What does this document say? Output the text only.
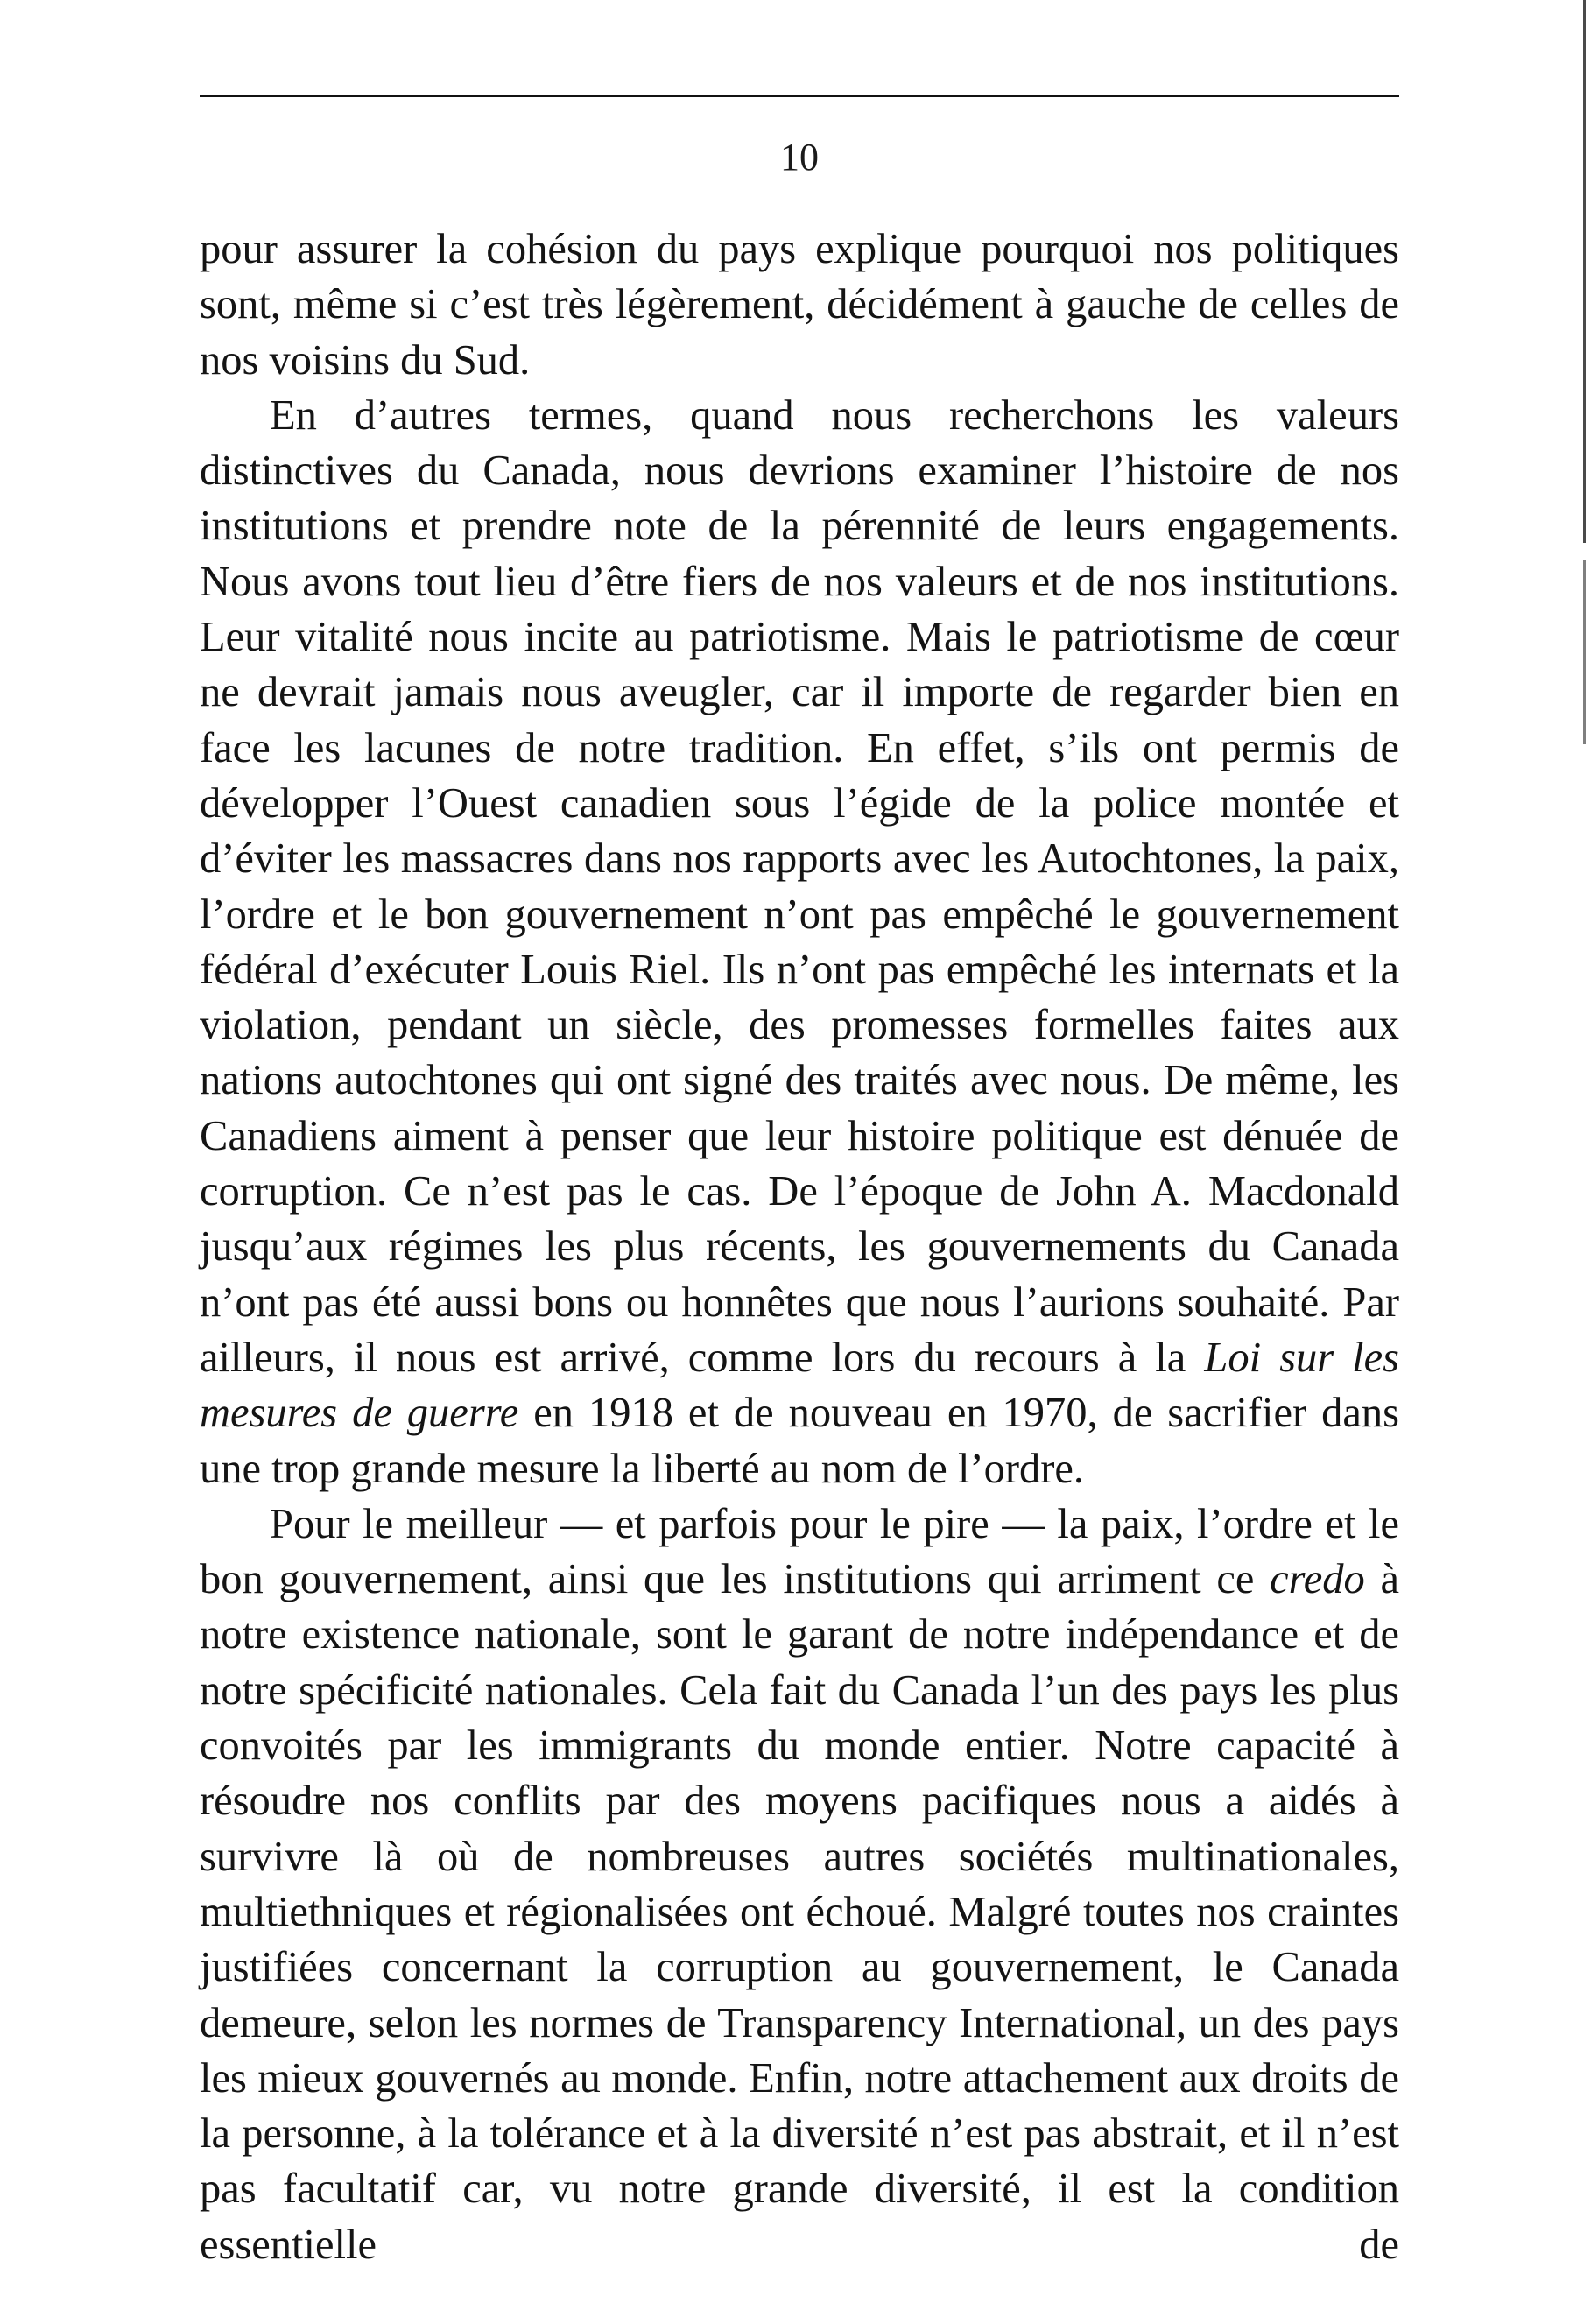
10

pour assurer la cohésion du pays explique pourquoi nos politiques sont, même si c’est très légèrement, décidément à gauche de celles de nos voisins du Sud.

En d’autres termes, quand nous recherchons les valeurs distinctives du Canada, nous devrions examiner l’histoire de nos institutions et prendre note de la pérennité de leurs engagements. Nous avons tout lieu d’être fiers de nos valeurs et de nos institutions. Leur vitalité nous incite au patriotisme. Mais le patriotisme de cœur ne devrait jamais nous aveugler, car il importe de regarder bien en face les lacunes de notre tradition. En effet, s’ils ont permis de développer l’Ouest canadien sous l’égide de la police montée et d’éviter les massacres dans nos rapports avec les Autochtones, la paix, l’ordre et le bon gouvernement n’ont pas empêché le gouvernement fédéral d’exécuter Louis Riel. Ils n’ont pas empêché les internats et la violation, pendant un siècle, des promesses formelles faites aux nations autochtones qui ont signé des traités avec nous. De même, les Canadiens aiment à penser que leur histoire politique est dénuée de corruption. Ce n’est pas le cas. De l’époque de John A. Macdonald jusqu’aux régimes les plus récents, les gouvernements du Canada n’ont pas été aussi bons ou honnêtes que nous l’aurions souhaité. Par ailleurs, il nous est arrivé, comme lors du recours à la Loi sur les mesures de guerre en 1918 et de nouveau en 1970, de sacrifier dans une trop grande mesure la liberté au nom de l’ordre.

Pour le meilleur — et parfois pour le pire — la paix, l’ordre et le bon gouvernement, ainsi que les institutions qui arriment ce credo à notre existence nationale, sont le garant de notre indépendance et de notre spécificité nationales. Cela fait du Canada l’un des pays les plus convoités par les immigrants du monde entier. Notre capacité à résoudre nos conflits par des moyens pacifiques nous a aidés à survivre là où de nombreuses autres sociétés multinationales, multiethniques et régionalisées ont échoué. Malgré toutes nos craintes justifiées concernant la corruption au gouvernement, le Canada demeure, selon les normes de Transparency International, un des pays les mieux gouvernés au monde. Enfin, notre attachement aux droits de la personne, à la tolérance et à la diversité n’est pas abstrait, et il n’est pas facultatif car, vu notre grande diversité, il est la condition essentielle de
